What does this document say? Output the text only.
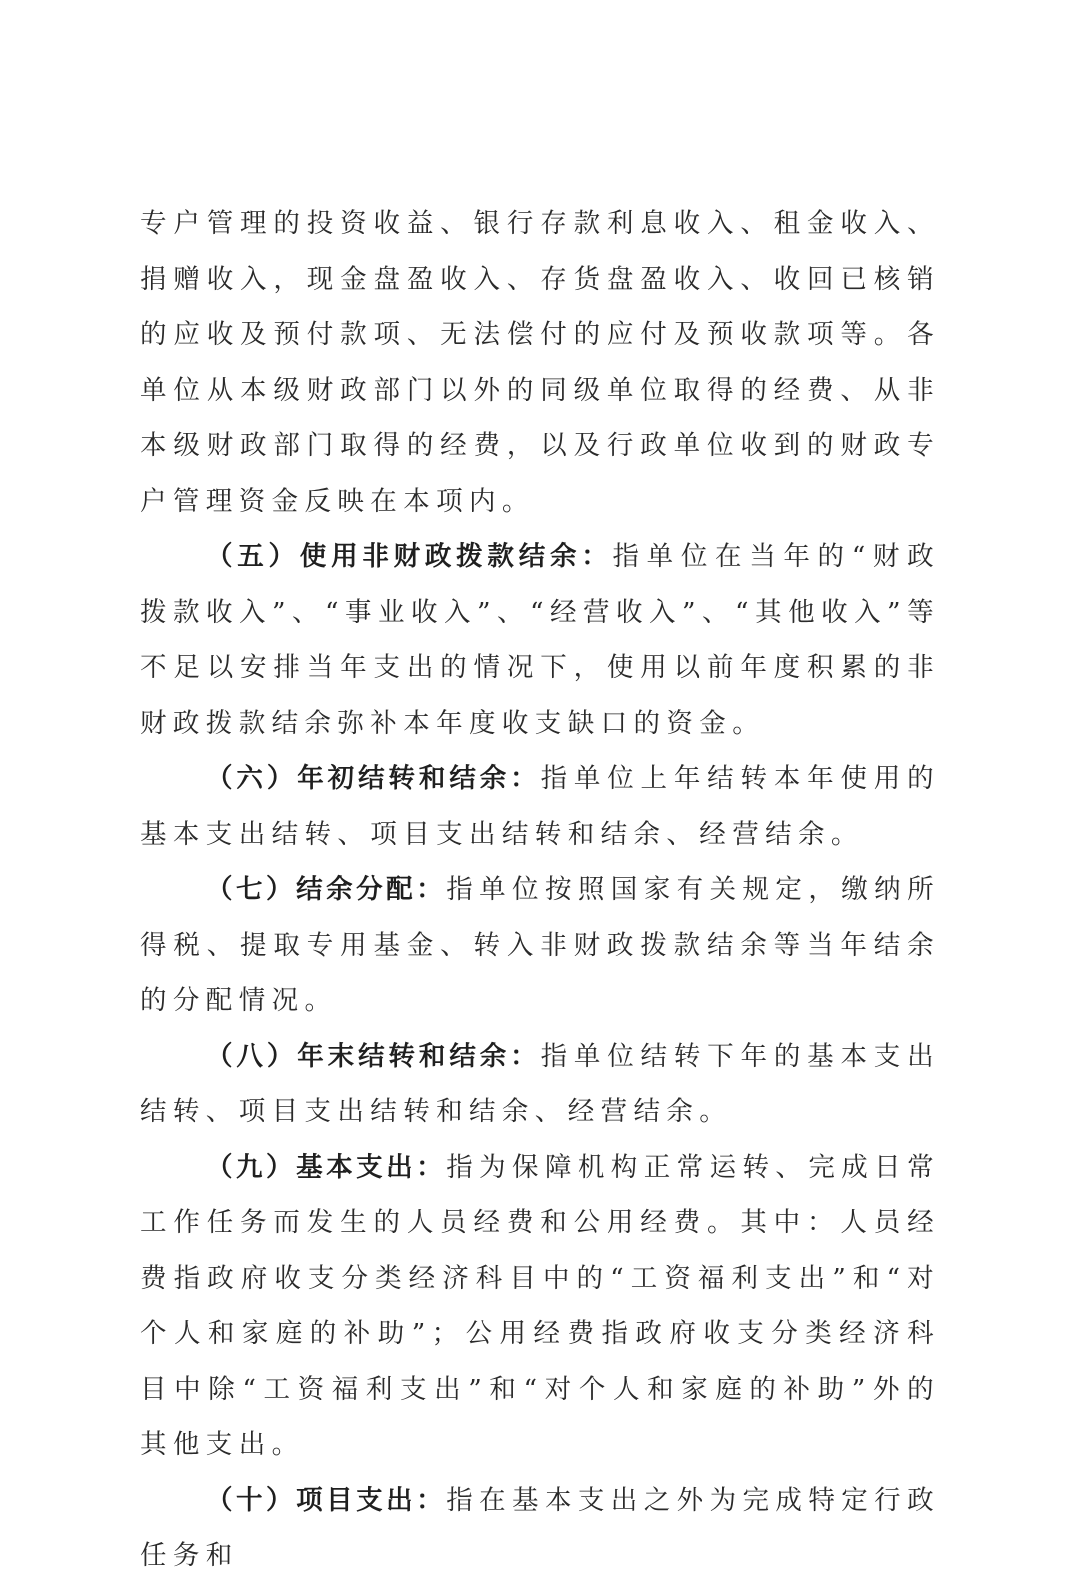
专户管理的投资收益、银行存款利息收入、租金收入、捐赠收入，现金盘盈收入、存货盘盈收入、收回已核销的应收及预付款项、无法偿付的应付及预收款项等。各单位从本级财政部门以外的同级单位取得的经费、从非本级财政部门取得的经费，以及行政单位收到的财政专户管理资金反映在本项内。

（五）使用非财政拨款结余：指单位在当年的“财政拨款收入”、“事业收入”、“经营收入”、“其他收入”等不足以安排当年支出的情况下，使用以前年度积累的非财政拨款结余弥补本年度收支缺口的资金。

（六）年初结转和结余：指单位上年结转本年使用的基本支出结转、项目支出结转和结余、经营结余。

（七）结余分配：指单位按照国家有关规定，缴纳所得税、提取专用基金、转入非财政拨款结余等当年结余的分配情况。

（八）年末结转和结余：指单位结转下年的基本支出结转、项目支出结转和结余、经营结余。

（九）基本支出：指为保障机构正常运转、完成日常工作任务而发生的人员经费和公用经费。其中：人员经费指政府收支分类经济科目中的“工资福利支出”和“对个人和家庭的补助”；公用经费指政府收支分类经济科目中除“工资福利支出”和“对个人和家庭的补助”外的其他支出。

（十）项目支出：指在基本支出之外为完成特定行政任务和
